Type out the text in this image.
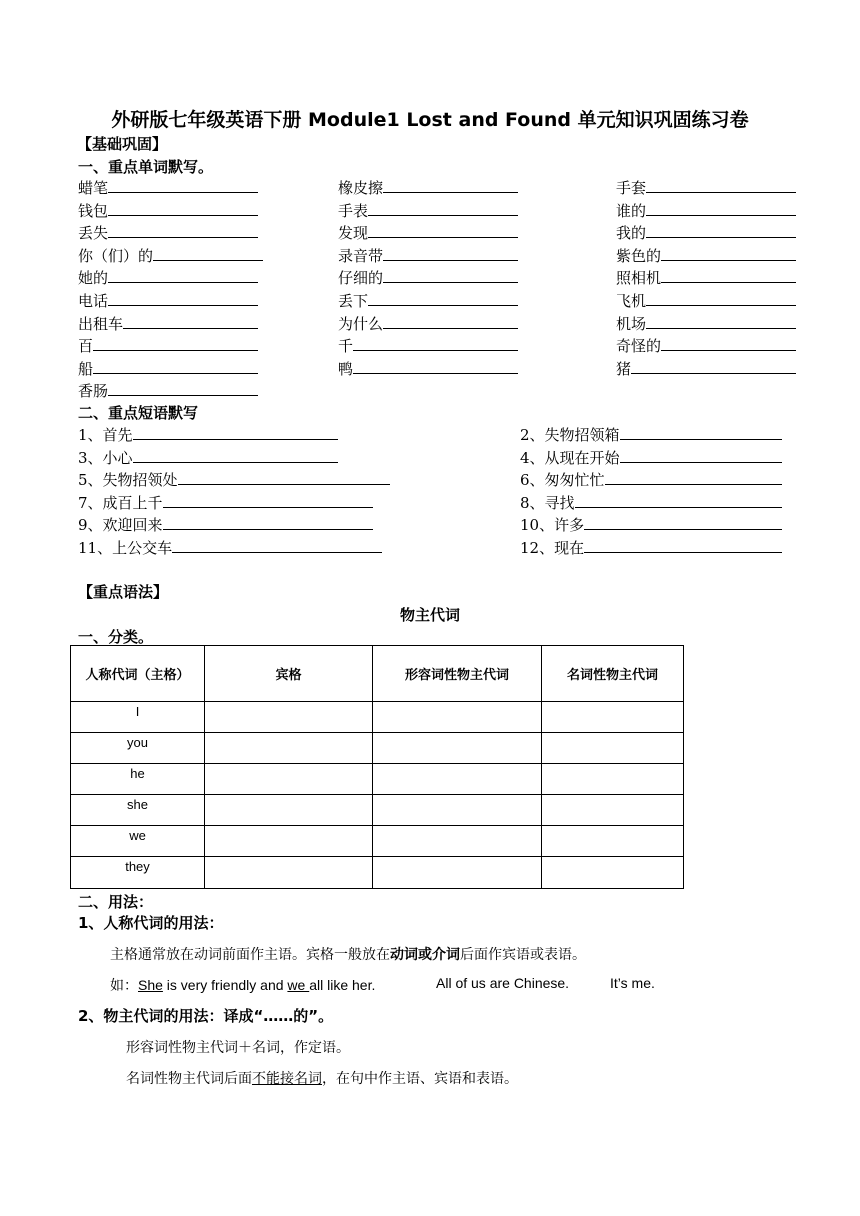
外研版七年级英语下册 Module1 Lost and Found 单元知识巩固练习卷
【基础巩固】
一、重点单词默写。
蜡笔	橡皮擦	手套
钱包	手表	谁的
丢失	发现	我的
你（们）的	录音带	紫色的
她的	仔细的	照相机
电话	丢下	飞机
出租车	为什么	机场
百	千	奇怪的
船	鸭	猪
香肠
二、重点短语默写
1、首先	2、失物招领箱
3、小心	4、从现在开始
5、失物招领处	6、匆匆忙忙
7、成百上千	8、寻找
9、欢迎回来	10、许多
11、上公交车	12、现在
【重点语法】
物主代词
一、分类。
人称代词（主格）	宾格	形容词性物主代词	名词性物主代词
I			
you			
he			
she			
we			
they			
二、用法：
1、人称代词的用法：
主格通常放在动词前面作主语。宾格一般放在动词或介词后面作宾语或表语。
如：She is very friendly and we all like her.	All of us are Chinese.	It’s me.
2、物主代词的用法：译成“……的”。
形容词性物主代词＋名词，作定语。
名词性物主代词后面不能接名词，在句中作主语、宾语和表语。
